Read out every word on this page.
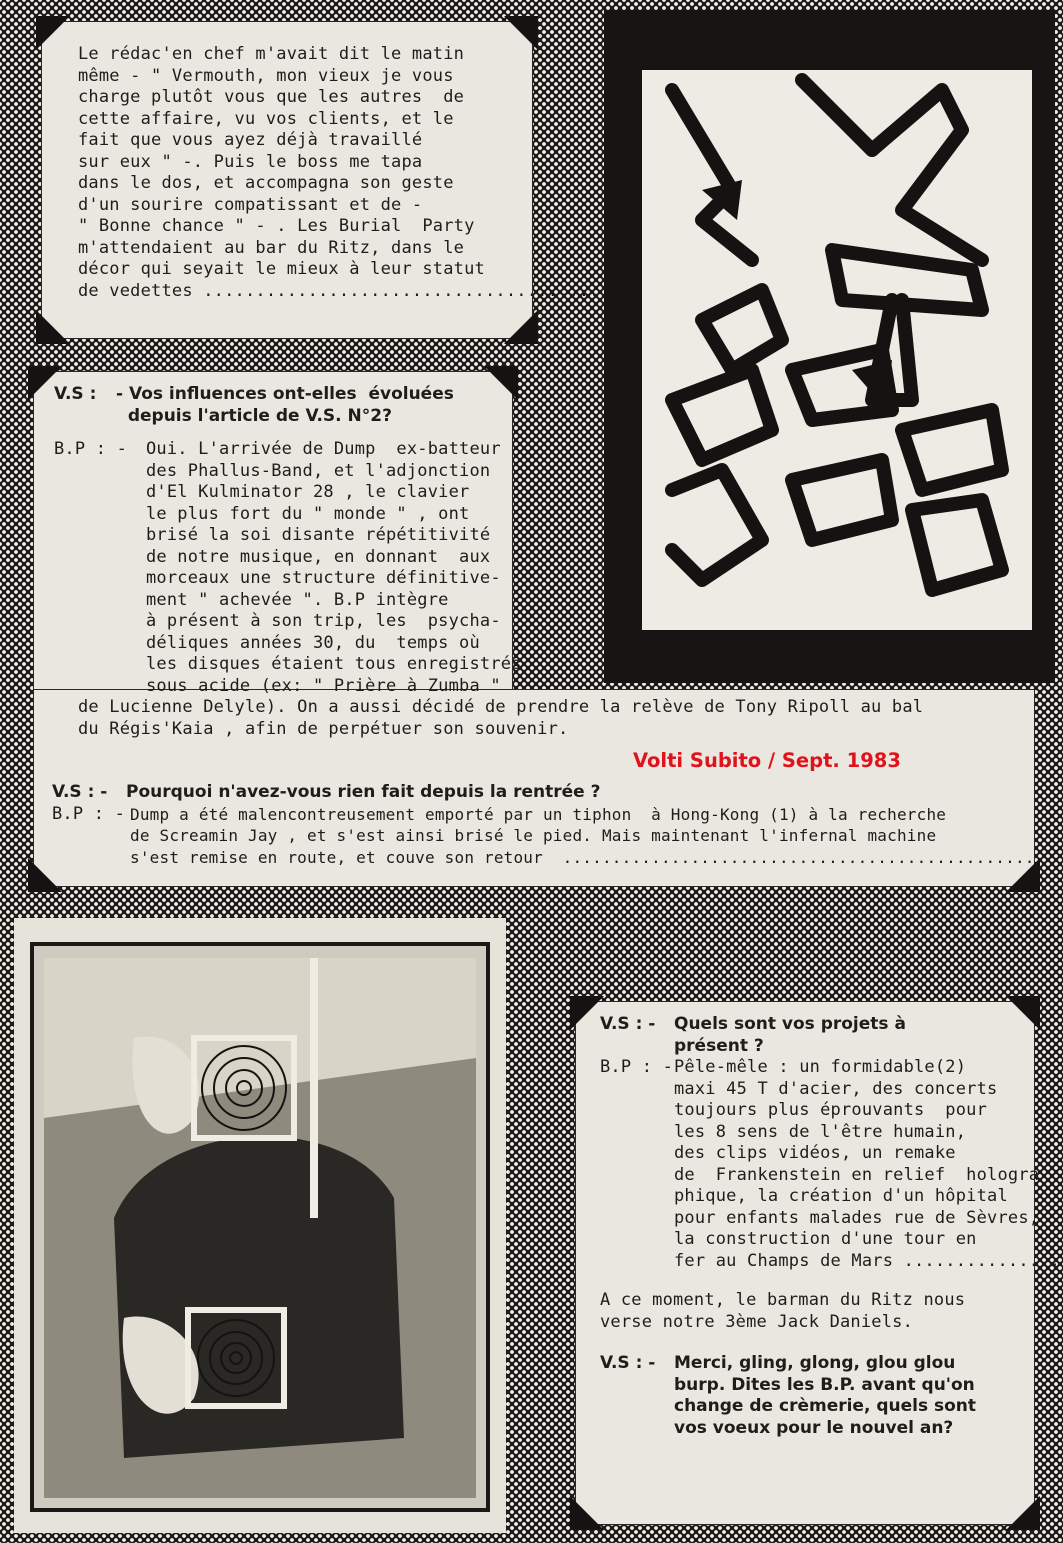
Le rédac'en chef m'avait dit le matin

même - " Vermouth, mon vieux je vous

charge plutôt vous que les autres  de

cette affaire, vu vos clients, et le

fait que vous ayez déjà travaillé

sur eux " -. Puis le boss me tapa

dans le dos, et accompagna son geste

d'un sourire compatissant et de -

" Bonne chance " - . Les Burial  Party

m'attendaient au bar du Ritz, dans le

décor qui seyait le mieux à leur statut

de vedettes ......................................

V.S : - Vos influences ont-elles  évoluées

depuis l'article de V.S. N°2?

B.P : - Oui. L'arrivée de Dump  ex-batteur

des Phallus-Band, et l'adjonction

d'El Kulminator 28 , le clavier

le plus fort du " monde " , ont

brisé la soi disante répétitivité

de notre musique, en donnant  aux

morceaux une structure définitive-

ment " achevée ". B.P intègre

à présent à son trip, les  psycha-

déliques années 30, du  temps où

les disques étaient tous enregistrés

sous acide (ex: " Prière à Zumba "

de Lucienne Delyle). On a aussi décidé de prendre la relève de Tony Ripoll au bal

du Régis'Kaia , afin de perpétuer son souvenir.

V.S : -	Pourquoi n'avez-vous rien fait depuis la rentrée ?

B.P : - Dump a été malencontreusement emporté par un tiphon  à Hong-Kong (1) à la recherche

de Screamin Jay , et s'est ainsi brisé le pied. Mais maintenant l'infernal machine

s'est remise en route, et couve son retour  ................................................

Volti Subito / Sept. 1983
V.S : - Quels sont vos projets à

présent ?

B.P : - Pêle-mêle : un formidable(2)

maxi 45 T d'acier, des concerts

toujours plus éprouvants  pour

les 8 sens de l'être humain,

des clips vidéos, un remake

de  Frankenstein en relief  hologra

phique, la création d'un hôpital

pour enfants malades rue de Sèvres,

la construction d'une tour en

fer au Champs de Mars ...............

A ce moment, le barman du Ritz nous

verse notre 3ème Jack Daniels.

V.S : - Merci, gling, glong, glou glou

burp. Dites les B.P. avant qu'on

change de crèmerie, quels sont

vos voeux pour le nouvel an?
